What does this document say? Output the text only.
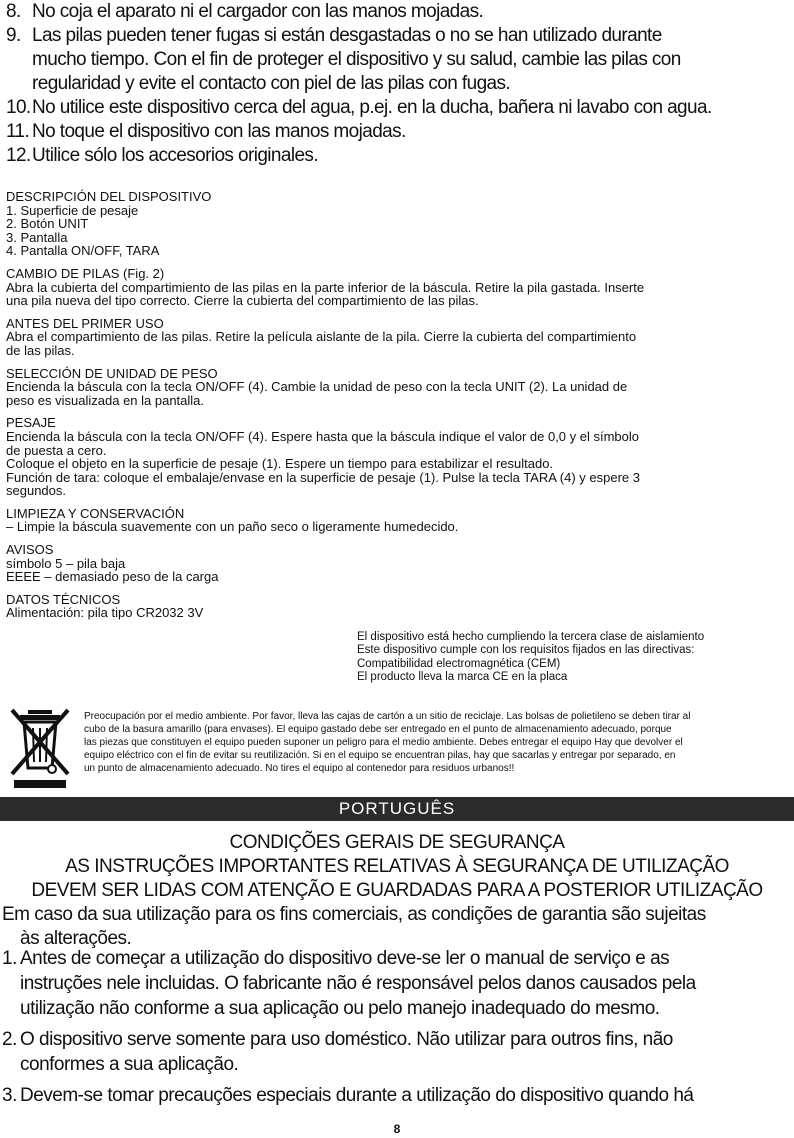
8. No coja el aparato ni el cargador con las manos mojadas.
9. Las pilas pueden tener fugas si están desgastadas o no se han utilizado durante
mucho tiempo. Con el fin de proteger el dispositivo y su salud, cambie las pilas con
regularidad y evite el contacto con piel de las pilas con fugas.
10.No utilice este dispositivo cerca del agua, p.ej. en la ducha, bañera ni lavabo con agua.
11. No toque el dispositivo con las manos mojadas.
12.Utilice sólo los accesorios originales.
DESCRIPCIÓN DEL DISPOSITIVO
1. Superficie de pesaje
2. Botón UNIT
3. Pantalla
4. Pantalla ON/OFF, TARA
CAMBIO DE PILAS (Fig. 2)
Abra la cubierta del compartimiento de las pilas en la parte inferior de la báscula. Retire la pila gastada. Inserte
una pila nueva del tipo correcto. Cierre la cubierta del compartimiento de las pilas.
ANTES DEL PRIMER USO
Abra el compartimiento de las pilas. Retire la película aislante de la pila. Cierre la cubierta del compartimiento
de las pilas.
SELECCIÓN DE UNIDAD DE PESO
Encienda la báscula con la tecla ON/OFF (4). Cambie la unidad de peso con la tecla UNIT (2). La unidad de
peso es visualizada en la pantalla.
PESAJE
Encienda la báscula con la tecla ON/OFF (4). Espere hasta que la báscula indique el valor de 0,0 y el símbolo
de puesta a cero.
Coloque el objeto en la superficie de pesaje (1). Espere un tiempo para estabilizar el resultado.
Función de tara: coloque el embalaje/envase en la superficie de pesaje (1). Pulse la tecla TARA (4) y espere 3
segundos.
LIMPIEZA Y CONSERVACIÓN
– Limpie la báscula suavemente con un paño seco o ligeramente humedecido.
AVISOS
símbolo 5 – pila baja
EEEE – demasiado peso de la carga
DATOS TÉCNICOS
Alimentación: pila tipo CR2032 3V
El dispositivo está hecho cumpliendo la tercera clase de aislamiento
Este dispositivo cumple con los requisitos fijados en las directivas:
Compatibilidad electromagnética (CEM)
El producto lleva la marca CE en la placa
Preocupación por el medio ambiente. Por favor, lleva las cajas de cartón a un sitio de reciclaje. Las bolsas de polietileno se deben tirar al
cubo de la basura amarillo (para envases). El equipo gastado debe ser entregado en el punto de almacenamiento adecuado, porque
las piezas que constituyen el equipo pueden suponer un peligro para el medio ambiente. Debes entregar el equipo Hay que devolver el
equipo eléctrico con el fin de evitar su reutilización. Si en el equipo se encuentran pilas, hay que sacarlas y entregar por separado, en
un punto de almacenamiento adecuado. No tires el equipo al contenedor para residuos urbanos!!
PORTUGUÊS
CONDIÇÕES GERAIS DE SEGURANÇA
AS INSTRUÇÕES IMPORTANTES RELATIVAS À SEGURANÇA DE UTILIZAÇÃO
DEVEM SER LIDAS COM ATENÇÃO E GUARDADAS PARA A POSTERIOR UTILIZAÇÃO
Em caso da sua utilização para os fins comerciais, as condições de garantia são sujeitas
às alterações.
1. Antes de começar a utilização do dispositivo deve-se ler o manual de serviço e as
instruções nele incluidas. O fabricante não é responsável pelos danos causados pela
utilização não conforme a sua aplicação ou pelo manejo inadequado do mesmo.
2. O dispositivo serve somente para uso doméstico. Não utilizar para outros fins, não
conformes a sua aplicação.
3. Devem-se tomar precauções especiais durante a utilização do dispositivo quando há
8
